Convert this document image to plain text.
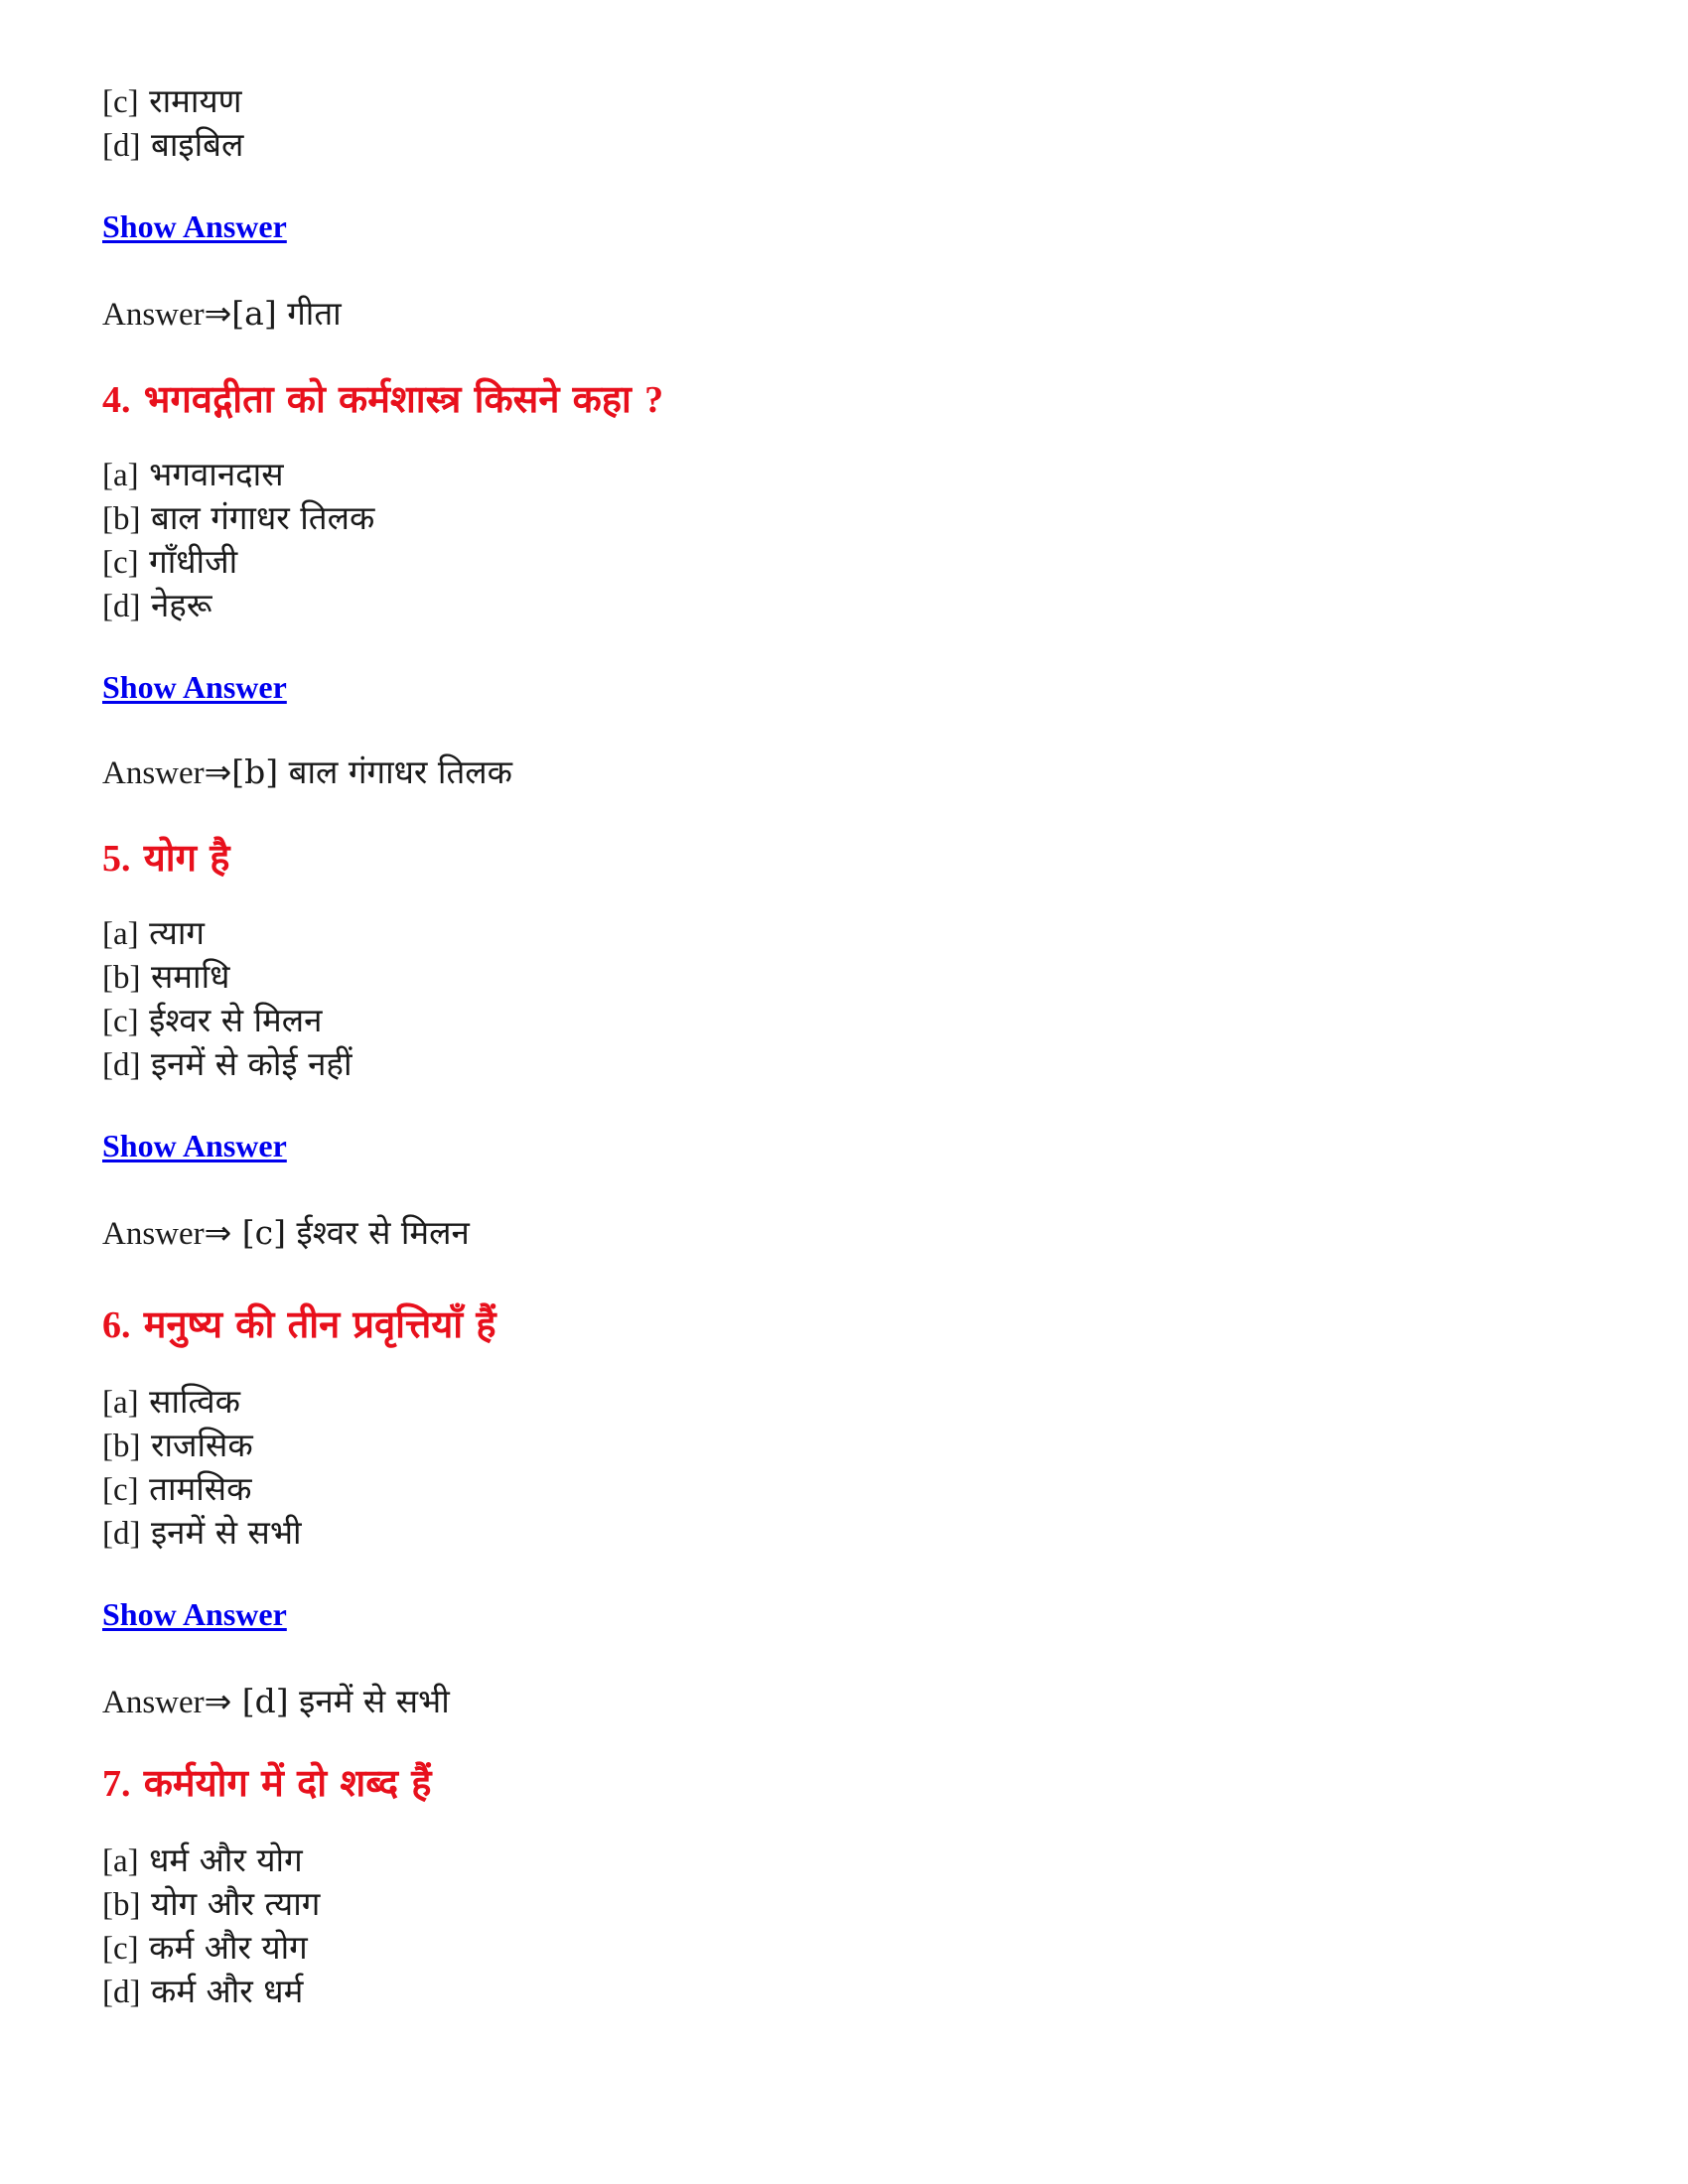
[c] रामायण
[d] बाइबिल
Show Answer
Answer⇒[a] गीता
4. भगवद्गीता को कर्मशास्त्र किसने कहा ?
[a] भगवानदास
[b] बाल गंगाधर तिलक
[c] गाँधीजी
[d] नेहरू
Show Answer
Answer⇒[b] बाल गंगाधर तिलक
5. योग है
[a] त्याग
[b] समाधि
[c] ईश्वर से मिलन
[d] इनमें से कोई नहीं
Show Answer
Answer⇒ [c] ईश्वर से मिलन
6. मनुष्य की तीन प्रवृत्तियाँ हैं
[a] सात्विक
[b] राजसिक
[c] तामसिक
[d] इनमें से सभी
Show Answer
Answer⇒ [d] इनमें से सभी
7. कर्मयोग में दो शब्द हैं
[a] धर्म और योग
[b] योग और त्याग
[c] कर्म और योग
[d] कर्म और धर्म
